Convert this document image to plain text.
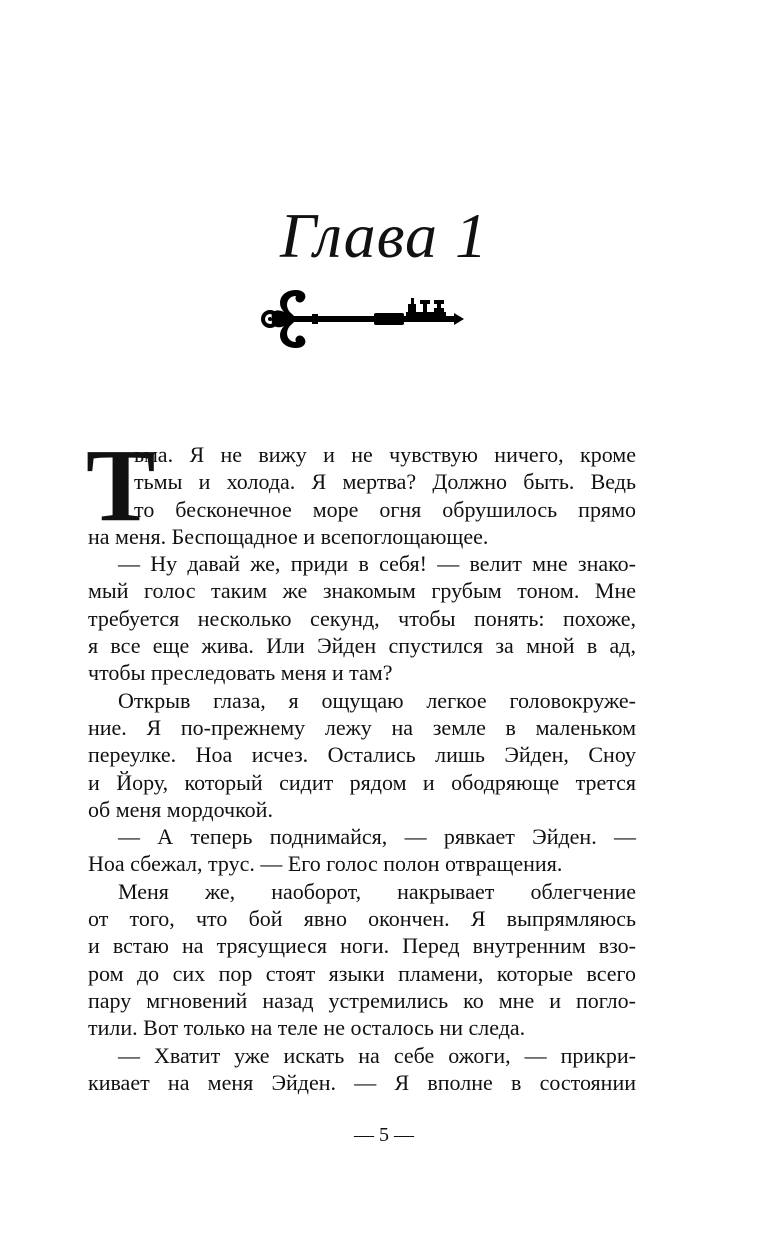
Глава 1
Т
ьма. Я не вижу и не чувствую ничего, кроме
тьмы и холода. Я мертва? Должно быть. Ведь
то бесконечное море огня обрушилось прямо
на меня. Беспощадное и всепоглощающее.
— Ну давай же, приди в себя! — велит мне знако-
мый голос таким же знакомым грубым тоном. Мне
требуется несколько секунд, чтобы понять: похоже,
я все еще жива. Или Эйден спустился за мной в ад,
чтобы преследовать меня и там?
Открыв глаза, я ощущаю легкое головокруже-
ние. Я по-прежнему лежу на земле в маленьком
переулке. Ноа исчез. Остались лишь Эйден, Сноу
и Йору, который сидит рядом и ободряюще трется
об меня мордочкой.
— А теперь поднимайся, — рявкает Эйден. —
Ноа сбежал, трус. — Его голос полон отвращения.
Меня же, наоборот, накрывает облегчение
от того, что бой явно окончен. Я выпрямляюсь
и встаю на трясущиеся ноги. Перед внутренним взо-
ром до сих пор стоят языки пламени, которые всего
пару мгновений назад устремились ко мне и погло-
тили. Вот только на теле не осталось ни следа.
— Хватит уже искать на себе ожоги, — прикри-
кивает на меня Эйден. — Я вполне в состоянии
— 5 —
